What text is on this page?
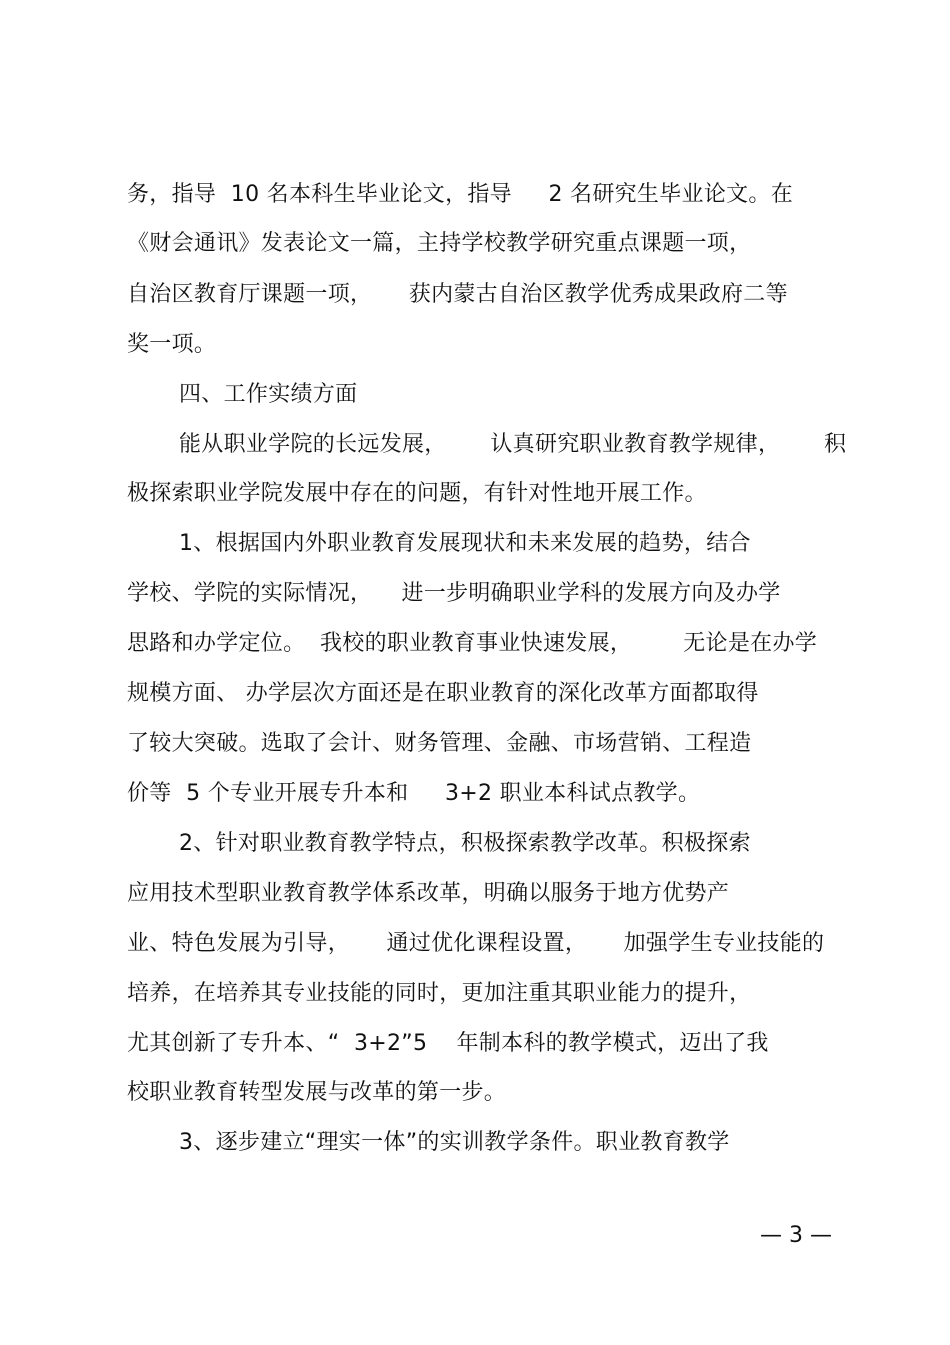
务，指导  10 名本科生毕业论文，指导     2 名研究生毕业论文。在
《财会通讯》发表论文一篇，主持学校教学研究重点课题一项，
自治区教育厅课题一项，     获内蒙古自治区教学优秀成果政府二等
奖一项。
四、工作实绩方面
能从职业学院的长远发展，      认真研究职业教育教学规律，      积
极探索职业学院发展中存在的问题，有针对性地开展工作。
1、根据国内外职业教育发展现状和未来发展的趋势，结合
学校、学院的实际情况，    进一步明确职业学科的发展方向及办学
思路和办学定位。  我校的职业教育事业快速发展，       无论是在办学
规模方面、 办学层次方面还是在职业教育的深化改革方面都取得
了较大突破。选取了会计、财务管理、金融、市场营销、工程造
价等  5 个专业开展专升本和     3+2 职业本科试点教学。
2、针对职业教育教学特点，积极探索教学改革。积极探索
应用技术型职业教育教学体系改革，明确以服务于地方优势产
业、特色发展为引导，     通过优化课程设置，     加强学生专业技能的
培养，在培养其专业技能的同时，更加注重其职业能力的提升，
尤其创新了专升本、“  3+2”5    年制本科的教学模式，迈出了我
校职业教育转型发展与改革的第一步。
3、逐步建立“理实一体”的实训教学条件。职业教育教学
— 3 —
